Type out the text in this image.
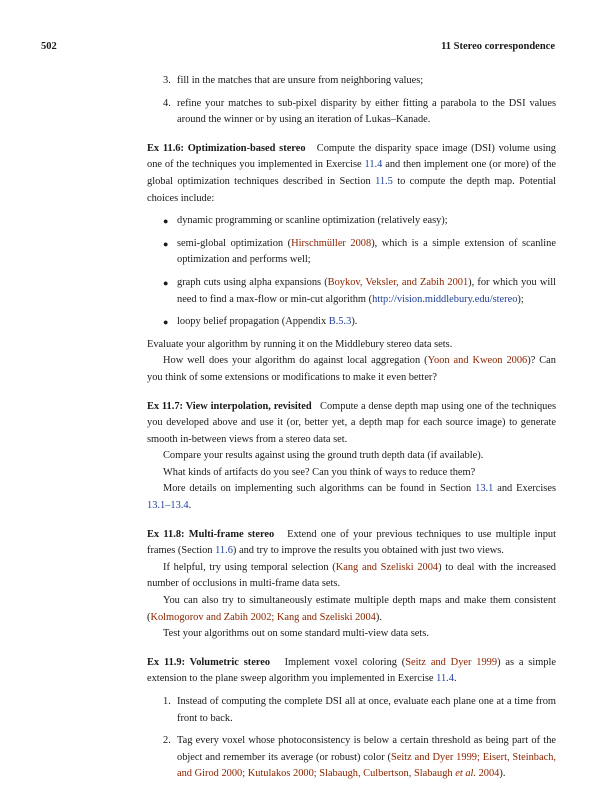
502	11 Stereo correspondence
3. fill in the matches that are unsure from neighboring values;
4. refine your matches to sub-pixel disparity by either fitting a parabola to the DSI values around the winner or by using an iteration of Lukas–Kanade.

Ex 11.6: Optimization-based stereo Compute the disparity space image (DSI) volume using one of the techniques you implemented in Exercise 11.4 and then implement one (or more) of the global optimization techniques described in Section 11.5 to compute the depth map. Potential choices include:

● dynamic programming or scanline optimization (relatively easy);
● semi-global optimization (Hirschmüller 2008), which is a simple extension of scanline optimization and performs well;
● graph cuts using alpha expansions (Boykov, Veksler, and Zabih 2001), for which you will need to find a max-flow or min-cut algorithm (http://vision.middlebury.edu/stereo);
● loopy belief propagation (Appendix B.5.3).

Evaluate your algorithm by running it on the Middlebury stereo data sets.

How well does your algorithm do against local aggregation (Yoon and Kweon 2006)? Can you think of some extensions or modifications to make it even better?

Ex 11.7: View interpolation, revisited Compute a dense depth map using one of the techniques you developed above and use it (or, better yet, a depth map for each source image) to generate smooth in-between views from a stereo data set.

Compare your results against using the ground truth depth data (if available).

What kinds of artifacts do you see? Can you think of ways to reduce them?

More details on implementing such algorithms can be found in Section 13.1 and Exercises 13.1–13.4.

Ex 11.8: Multi-frame stereo Extend one of your previous techniques to use multiple input frames (Section 11.6) and try to improve the results you obtained with just two views.

If helpful, try using temporal selection (Kang and Szeliski 2004) to deal with the increased number of occlusions in multi-frame data sets.

You can also try to simultaneously estimate multiple depth maps and make them consistent (Kolmogorov and Zabih 2002; Kang and Szeliski 2004).

Test your algorithms out on some standard multi-view data sets.

Ex 11.9: Volumetric stereo Implement voxel coloring (Seitz and Dyer 1999) as a simple extension to the plane sweep algorithm you implemented in Exercise 11.4.

1. Instead of computing the complete DSI all at once, evaluate each plane one at a time from front to back.
2. Tag every voxel whose photoconsistency is below a certain threshold as being part of the object and remember its average (or robust) color (Seitz and Dyer 1999; Eisert, Steinbach, and Girod 2000; Kutulakos 2000; Slabaugh, Culbertson, Slabaugh et al. 2004).
